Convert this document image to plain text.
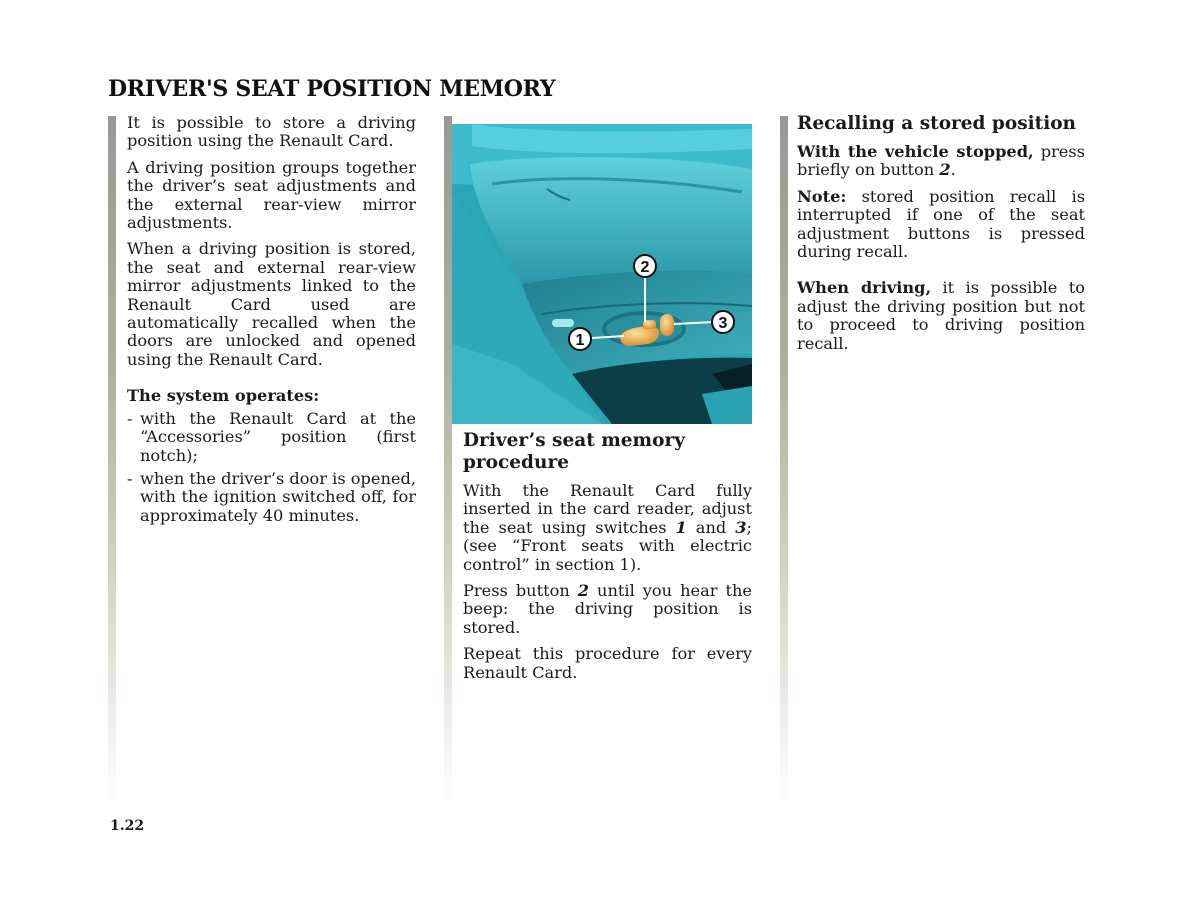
DRIVER'S SEAT POSITION MEMORY

It is possible to store a driving position using the Renault Card.

A driving position groups together the driver’s seat adjustments and the external rear-view mirror adjustments.

When a driving position is stored, the seat and external rear-view mirror adjustments linked to the Renault Card used are automatically recalled when the doors are unlocked and opened using the Renault Card.

The system operates:

- with the Renault Card at the “Accessories” position (first notch);
- when the driver’s door is opened, with the ignition switched off, for approximately 40 minutes.
1
2
3

Driver’s seat memory procedure

With the Renault Card fully inserted in the card reader, adjust the seat using switches 1 and 3; (see “Front seats with electric control” in section 1).

Press button 2 until you hear the beep: the driving position is stored.

Repeat this procedure for every Renault Card.

Recalling a stored position

With the vehicle stopped, press briefly on button 2.

Note: stored position recall is interrupted if one of the seat adjustment buttons is pressed during recall.

When driving, it is possible to adjust the driving position but not to proceed to driving position recall.

1.22
